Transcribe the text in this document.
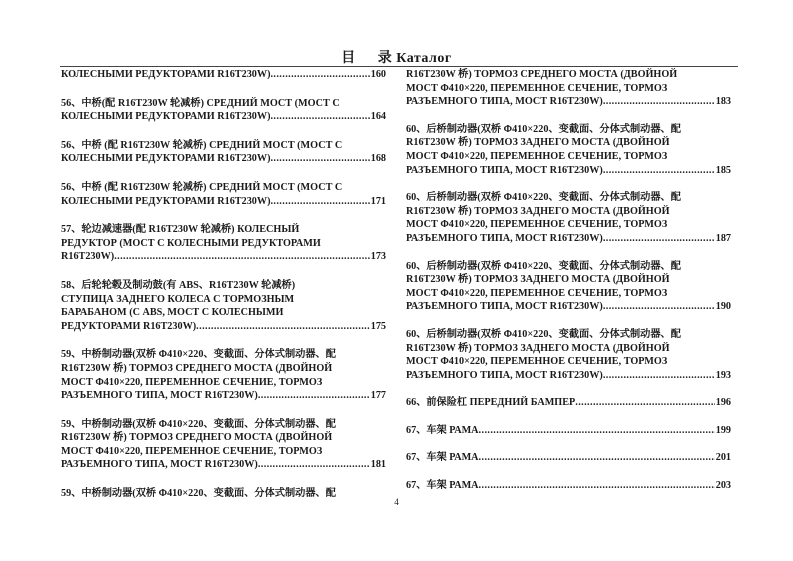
目 录 Каталог
КОЛЕСНЫМИ РЕДУКТОРАМИ R16T230W) .....	160
56、中桥(配 R16T230W 轮减桥) СРЕДНИЙ МОСТ (МОСТ С
КОЛЕСНЫМИ РЕДУКТОРАМИ R16T230W) .....	164
56、中桥 (配 R16T230W 轮减桥) СРЕДНИЙ МОСТ (МОСТ С
КОЛЕСНЫМИ РЕДУКТОРАМИ R16T230W) .....	168
56、中桥 (配 R16T230W 轮减桥) СРЕДНИЙ МОСТ (МОСТ С
КОЛЕСНЫМИ РЕДУКТОРАМИ R16T230W) .....	171
57、轮边减速器(配 R16T230W 轮减桥) КОЛЕСНЫЙ
РЕДУКТОР (МОСТ С КОЛЕСНЫМИ РЕДУКТОРАМИ
R16T230W) .....	173
58、后轮轮毂及制动鼓(有 ABS、R16T230W 轮减桥)
СТУПИЦА ЗАДНЕГО КОЛЕСА С ТОРМОЗНЫМ
БАРАБАНОМ (С ABS, МОСТ С КОЛЕСНЫМИ
РЕДУКТОРАМИ R16T230W) .....	175
59、中桥制动器(双桥 Φ410×220、变截面、分体式制动器、配
R16T230W 桥) ТОРМОЗ СРЕДНЕГО МОСТА (ДВОЙНОЙ
МОСТ Φ410×220, ПЕРЕМЕННОЕ СЕЧЕНИЕ, ТОРМОЗ
РАЗЪЕМНОГО ТИПА, МОСТ R16T230W) .....	177
59、中桥制动器(双桥 Φ410×220、变截面、分体式制动器、配
R16T230W 桥) ТОРМОЗ СРЕДНЕГО МОСТА (ДВОЙНОЙ
МОСТ Φ410×220, ПЕРЕМЕННОЕ СЕЧЕНИЕ, ТОРМОЗ
РАЗЪЕМНОГО ТИПА, МОСТ R16T230W) .....	181
59、中桥制动器(双桥 Φ410×220、变截面、分体式制动器、配
R16T230W 桥) ТОРМОЗ СРЕДНЕГО МОСТА (ДВОЙНОЙ
МОСТ Φ410×220, ПЕРЕМЕННОЕ СЕЧЕНИЕ, ТОРМОЗ
РАЗЪЕМНОГО ТИПА, МОСТ R16T230W) .....	183
60、后桥制动器(双桥 Φ410×220、变截面、分体式制动器、配
R16T230W 桥) ТОРМОЗ ЗАДНЕГО МОСТА (ДВОЙНОЙ
МОСТ Φ410×220, ПЕРЕМЕННОЕ СЕЧЕНИЕ, ТОРМОЗ
РАЗЪЕМНОГО ТИПА, МОСТ R16T230W) .....	185
60、后桥制动器(双桥 Φ410×220、变截面、分体式制动器、配
R16T230W 桥) ТОРМОЗ ЗАДНЕГО МОСТА (ДВОЙНОЙ
МОСТ Φ410×220, ПЕРЕМЕННОЕ СЕЧЕНИЕ, ТОРМОЗ
РАЗЪЕМНОГО ТИПА, МОСТ R16T230W) .....	187
60、后桥制动器(双桥 Φ410×220、变截面、分体式制动器、配
R16T230W 桥) ТОРМОЗ ЗАДНЕГО МОСТА (ДВОЙНОЙ
МОСТ Φ410×220, ПЕРЕМЕННОЕ СЕЧЕНИЕ, ТОРМОЗ
РАЗЪЕМНОГО ТИПА, МОСТ R16T230W) .....	190
60、后桥制动器(双桥 Φ410×220、变截面、分体式制动器、配
R16T230W 桥) ТОРМОЗ ЗАДНЕГО МОСТА (ДВОЙНОЙ
МОСТ Φ410×220, ПЕРЕМЕННОЕ СЕЧЕНИЕ, ТОРМОЗ
РАЗЪЕМНОГО ТИПА, МОСТ R16T230W) .....	193
66、前保险杠 ПЕРЕДНИЙ БАМПЕР .....	196
67、车架 РАМА .....	199
67、车架 РАМА .....	201
67、车架 РАМА .....	203
4
